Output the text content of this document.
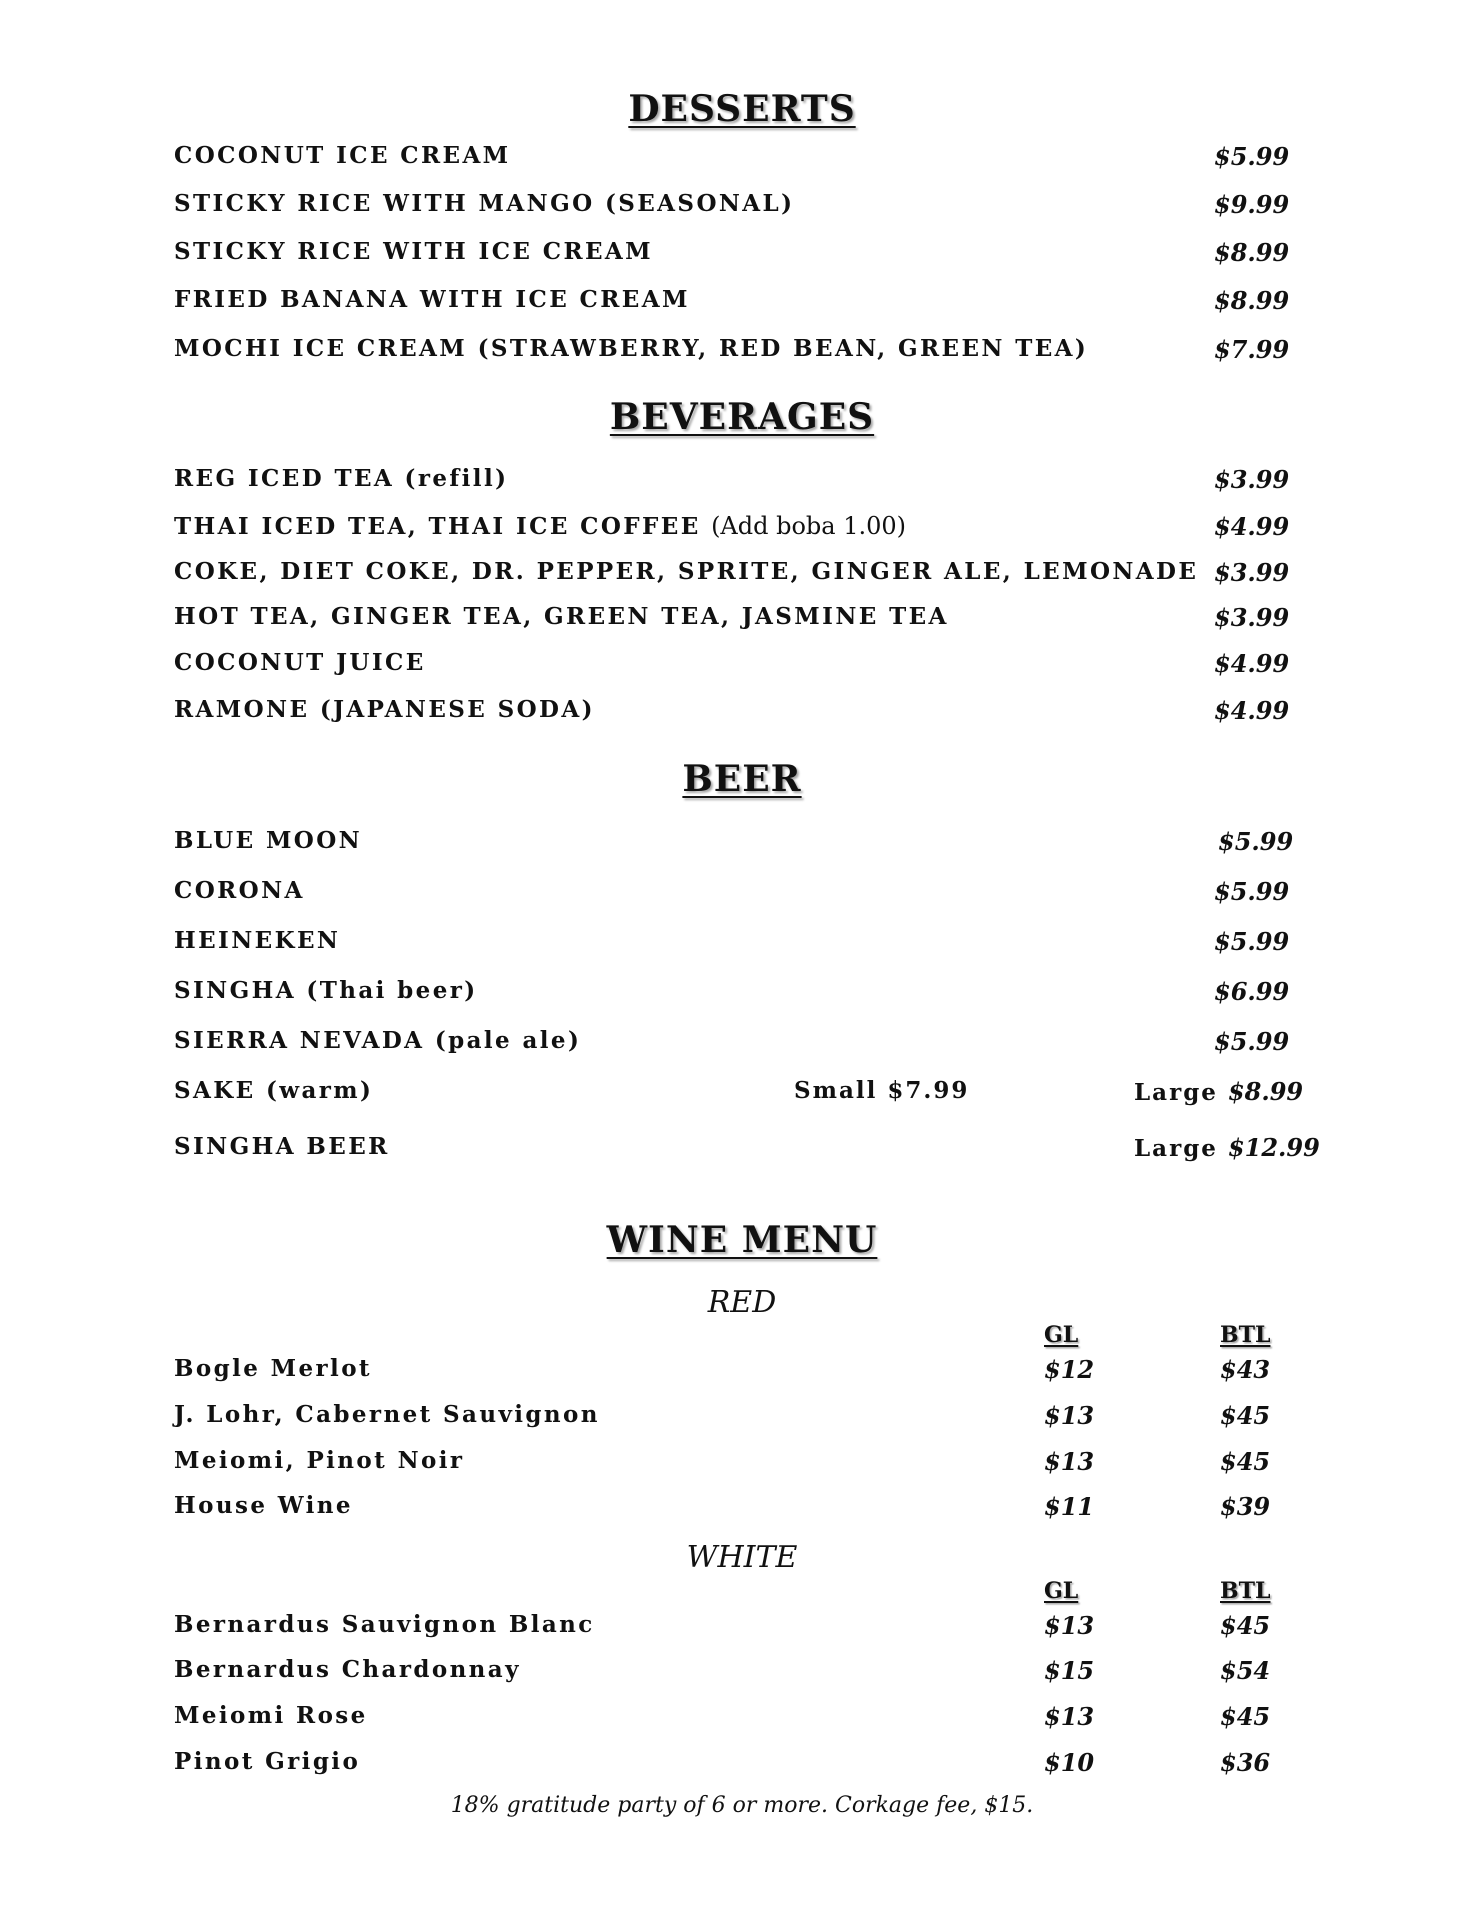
DESSERTS
COCONUT ICE CREAM	$5.99
STICKY RICE WITH MANGO (SEASONAL)	$9.99
STICKY RICE WITH ICE CREAM	$8.99
FRIED BANANA WITH ICE CREAM	$8.99
MOCHI ICE CREAM (STRAWBERRY, RED BEAN, GREEN TEA)	$7.99
BEVERAGES
REG ICED TEA (refill)	$3.99
THAI ICED TEA, THAI ICE COFFEE (Add boba 1.00)	$4.99
COKE, DIET COKE, DR. PEPPER, SPRITE, GINGER ALE, LEMONADE $3.99
HOT TEA, GINGER TEA, GREEN TEA, JASMINE TEA	$3.99
COCONUT JUICE	$4.99
RAMONE (JAPANESE SODA)	$4.99
BEER
BLUE MOON	$5.99
CORONA	$5.99
HEINEKEN	$5.99
SINGHA (Thai beer)	$6.99
SIERRA NEVADA (pale ale)	$5.99
SAKE (warm)	Small $7.99	Large $8.99
SINGHA BEER	Large $12.99
WINE MENU
RED
GL	BTL
Bogle Merlot	$12	$43
J. Lohr, Cabernet Sauvignon	$13	$45
Meiomi, Pinot Noir	$13	$45
House Wine	$11	$39
WHITE
GL	BTL
Bernardus Sauvignon Blanc	$13	$45
Bernardus Chardonnay	$15	$54
Meiomi Rose	$13	$45
Pinot Grigio	$10	$36
18% gratitude party of 6 or more. Corkage fee, $15.
